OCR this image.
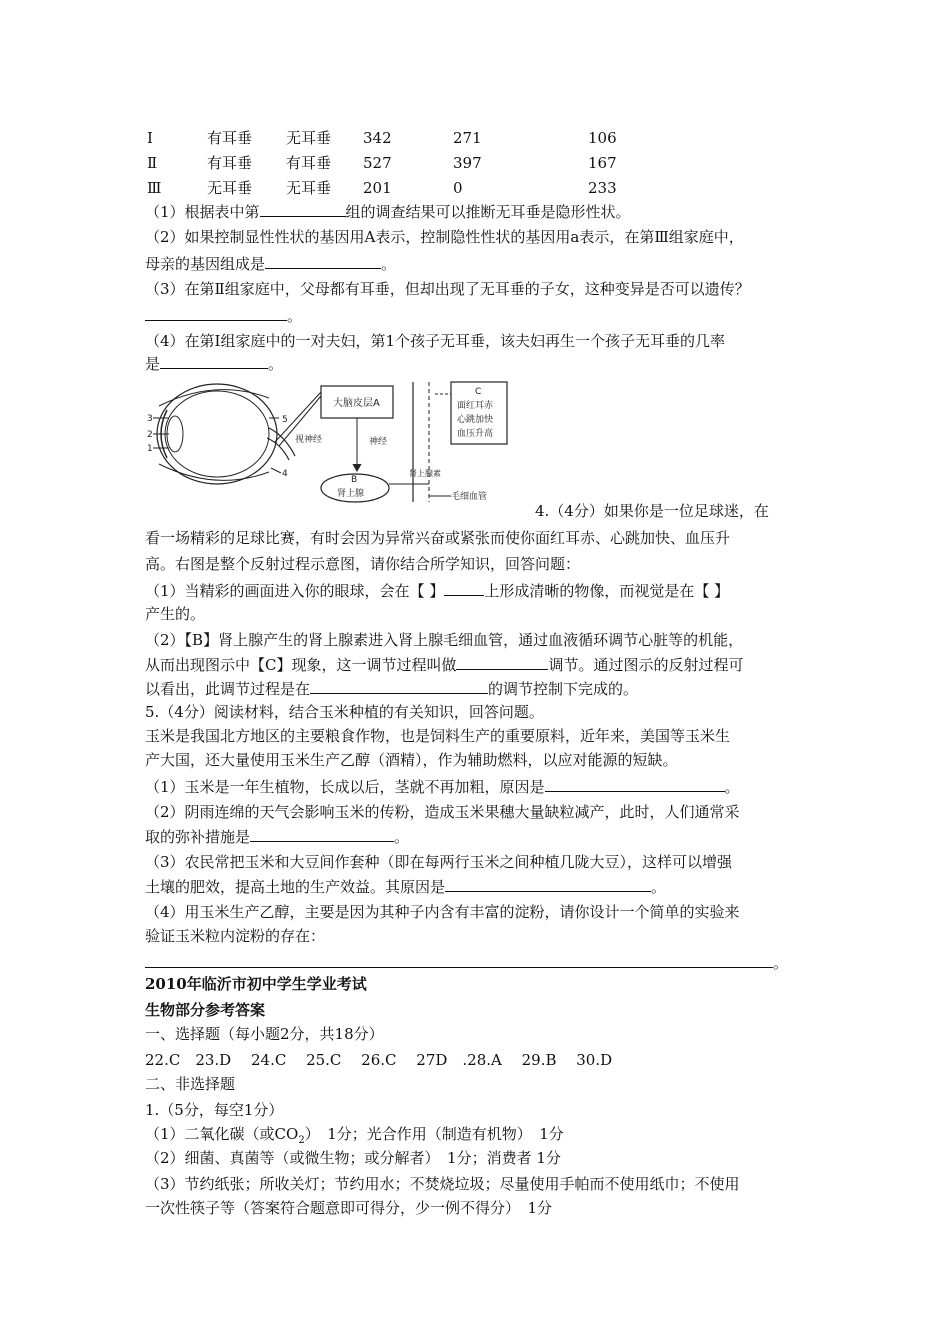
Ⅰ	有耳垂 无耳垂 342	271	106
Ⅱ	有耳垂 有耳垂 527	397	167
Ⅲ	无耳垂 无耳垂 201	0	233
（1）根据表中第	组的调查结果可以推断无耳垂是隐形性状。
（2）如果控制显性性状的基因用A表示，控制隐性性状的基因用a表示，在第Ⅲ组家庭中，
母亲的基因组成是	。
（3）在第Ⅱ组家庭中，父母都有耳垂，但却出现了无耳垂的子女，这种变异是否可以遗传？
。
（4）在第Ⅰ组家庭中的一对夫妇，第1个孩子无耳垂，该夫妇再生一个孩子无耳垂的几率
是	。
3
2
1
5
4
大脑皮层A
视神经	神经
B
肾上腺
肾上腺素
毛细血管
C
面红耳赤
心跳加快
血压升高
4.（4分）如果你是一位足球迷，在
看一场精彩的足球比赛，有时会因为异常兴奋或紧张而使你面红耳赤、心跳加快、血压升
高。右图是整个反射过程示意图，请你结合所学知识，回答问题：
（1）当精彩的画面进入你的眼球，会在【 】	上形成清晰的物像，而视觉是在【 】
产生的。
（2）【B】肾上腺产生的肾上腺素进入肾上腺毛细血管，通过血液循环调节心脏等的机能，
从而出现图示中【C】现象，这一调节过程叫做	调节。通过图示的反射过程可
以看出，此调节过程是在	的调节控制下完成的。
5.（4分）阅读材料，结合玉米种植的有关知识，回答问题。
玉米是我国北方地区的主要粮食作物，也是饲料生产的重要原料，近年来，美国等玉米生
产大国，还大量使用玉米生产乙醇（酒精），作为辅助燃料，以应对能源的短缺。
（1）玉米是一年生植物，长成以后，茎就不再加粗，原因是	。
（2）阴雨连绵的天气会影响玉米的传粉，造成玉米果穗大量缺粒减产，此时，人们通常采
取的弥补措施是	。
（3）农民常把玉米和大豆间作套种（即在每两行玉米之间种植几陇大豆），这样可以增强
土壤的肥效，提高土地的生产效益。其原因是	。
（4）用玉米生产乙醇，主要是因为其种子内含有丰富的淀粉，请你设计一个简单的实验来
验证玉米粒内淀粉的存在：
。
2010年临沂市初中学生学业考试
生物部分参考答案
一、选择题（每小题2分，共18分）
22.C　23.D　 24.C　 25.C　 26.C　 27D　.28.A　 29.B　 30.D
二、非选择题
1.（5分，每空1分）
（1）二氧化碳（或$CO_2$）　1分；光合作用（制造有机物）　1分
（2）细菌、真菌等（或微生物；或分解者）　1分；消费者 1分
（3）节约纸张；所收关灯；节约用水；不焚烧垃圾；尽量使用手帕而不使用纸巾；不使用
一次性筷子等（答案符合题意即可得分，少一例不得分）　1分
